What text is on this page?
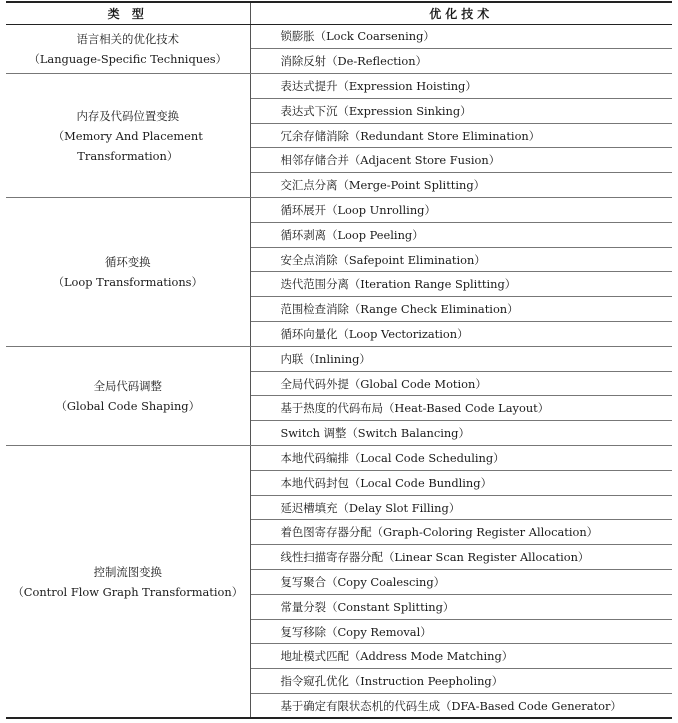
类 型	优化技术

语言相关的优化技术
（Language-Specific Techniques）	锁膨胀（Lock Coarsening）
	消除反射（De-Reflection）

内存及代码位置变换
（Memory And Placement Transformation）	表达式提升（Expression Hoisting）
	表达式下沉（Expression Sinking）
	冗余存储消除（Redundant Store Elimination）
	相邻存储合并（Adjacent Store Fusion）
	交汇点分离（Merge-Point Splitting）

循环变换
（Loop Transformations）	循环展开（Loop Unrolling）
	循环剥离（Loop Peeling）
	安全点消除（Safepoint Elimination）
	迭代范围分离（Iteration Range Splitting）
	范围检查消除（Range Check Elimination）
	循环向量化（Loop Vectorization）

全局代码调整
（Global Code Shaping）	内联（Inlining）
	全局代码外提（Global Code Motion）
	基于热度的代码布局（Heat-Based Code Layout）
	Switch 调整（Switch Balancing）

控制流图变换
（Control Flow Graph Transformation）	本地代码编排（Local Code Scheduling）
	本地代码封包（Local Code Bundling）
	延迟槽填充（Delay Slot Filling）
	着色图寄存器分配（Graph-Coloring Register Allocation）
	线性扫描寄存器分配（Linear Scan Register Allocation）
	复写聚合（Copy Coalescing）
	常量分裂（Constant Splitting）
	复写移除（Copy Removal）
	地址模式匹配（Address Mode Matching）
	指令窥孔优化（Instruction Peepholing）
	基于确定有限状态机的代码生成（DFA-Based Code Generator）
